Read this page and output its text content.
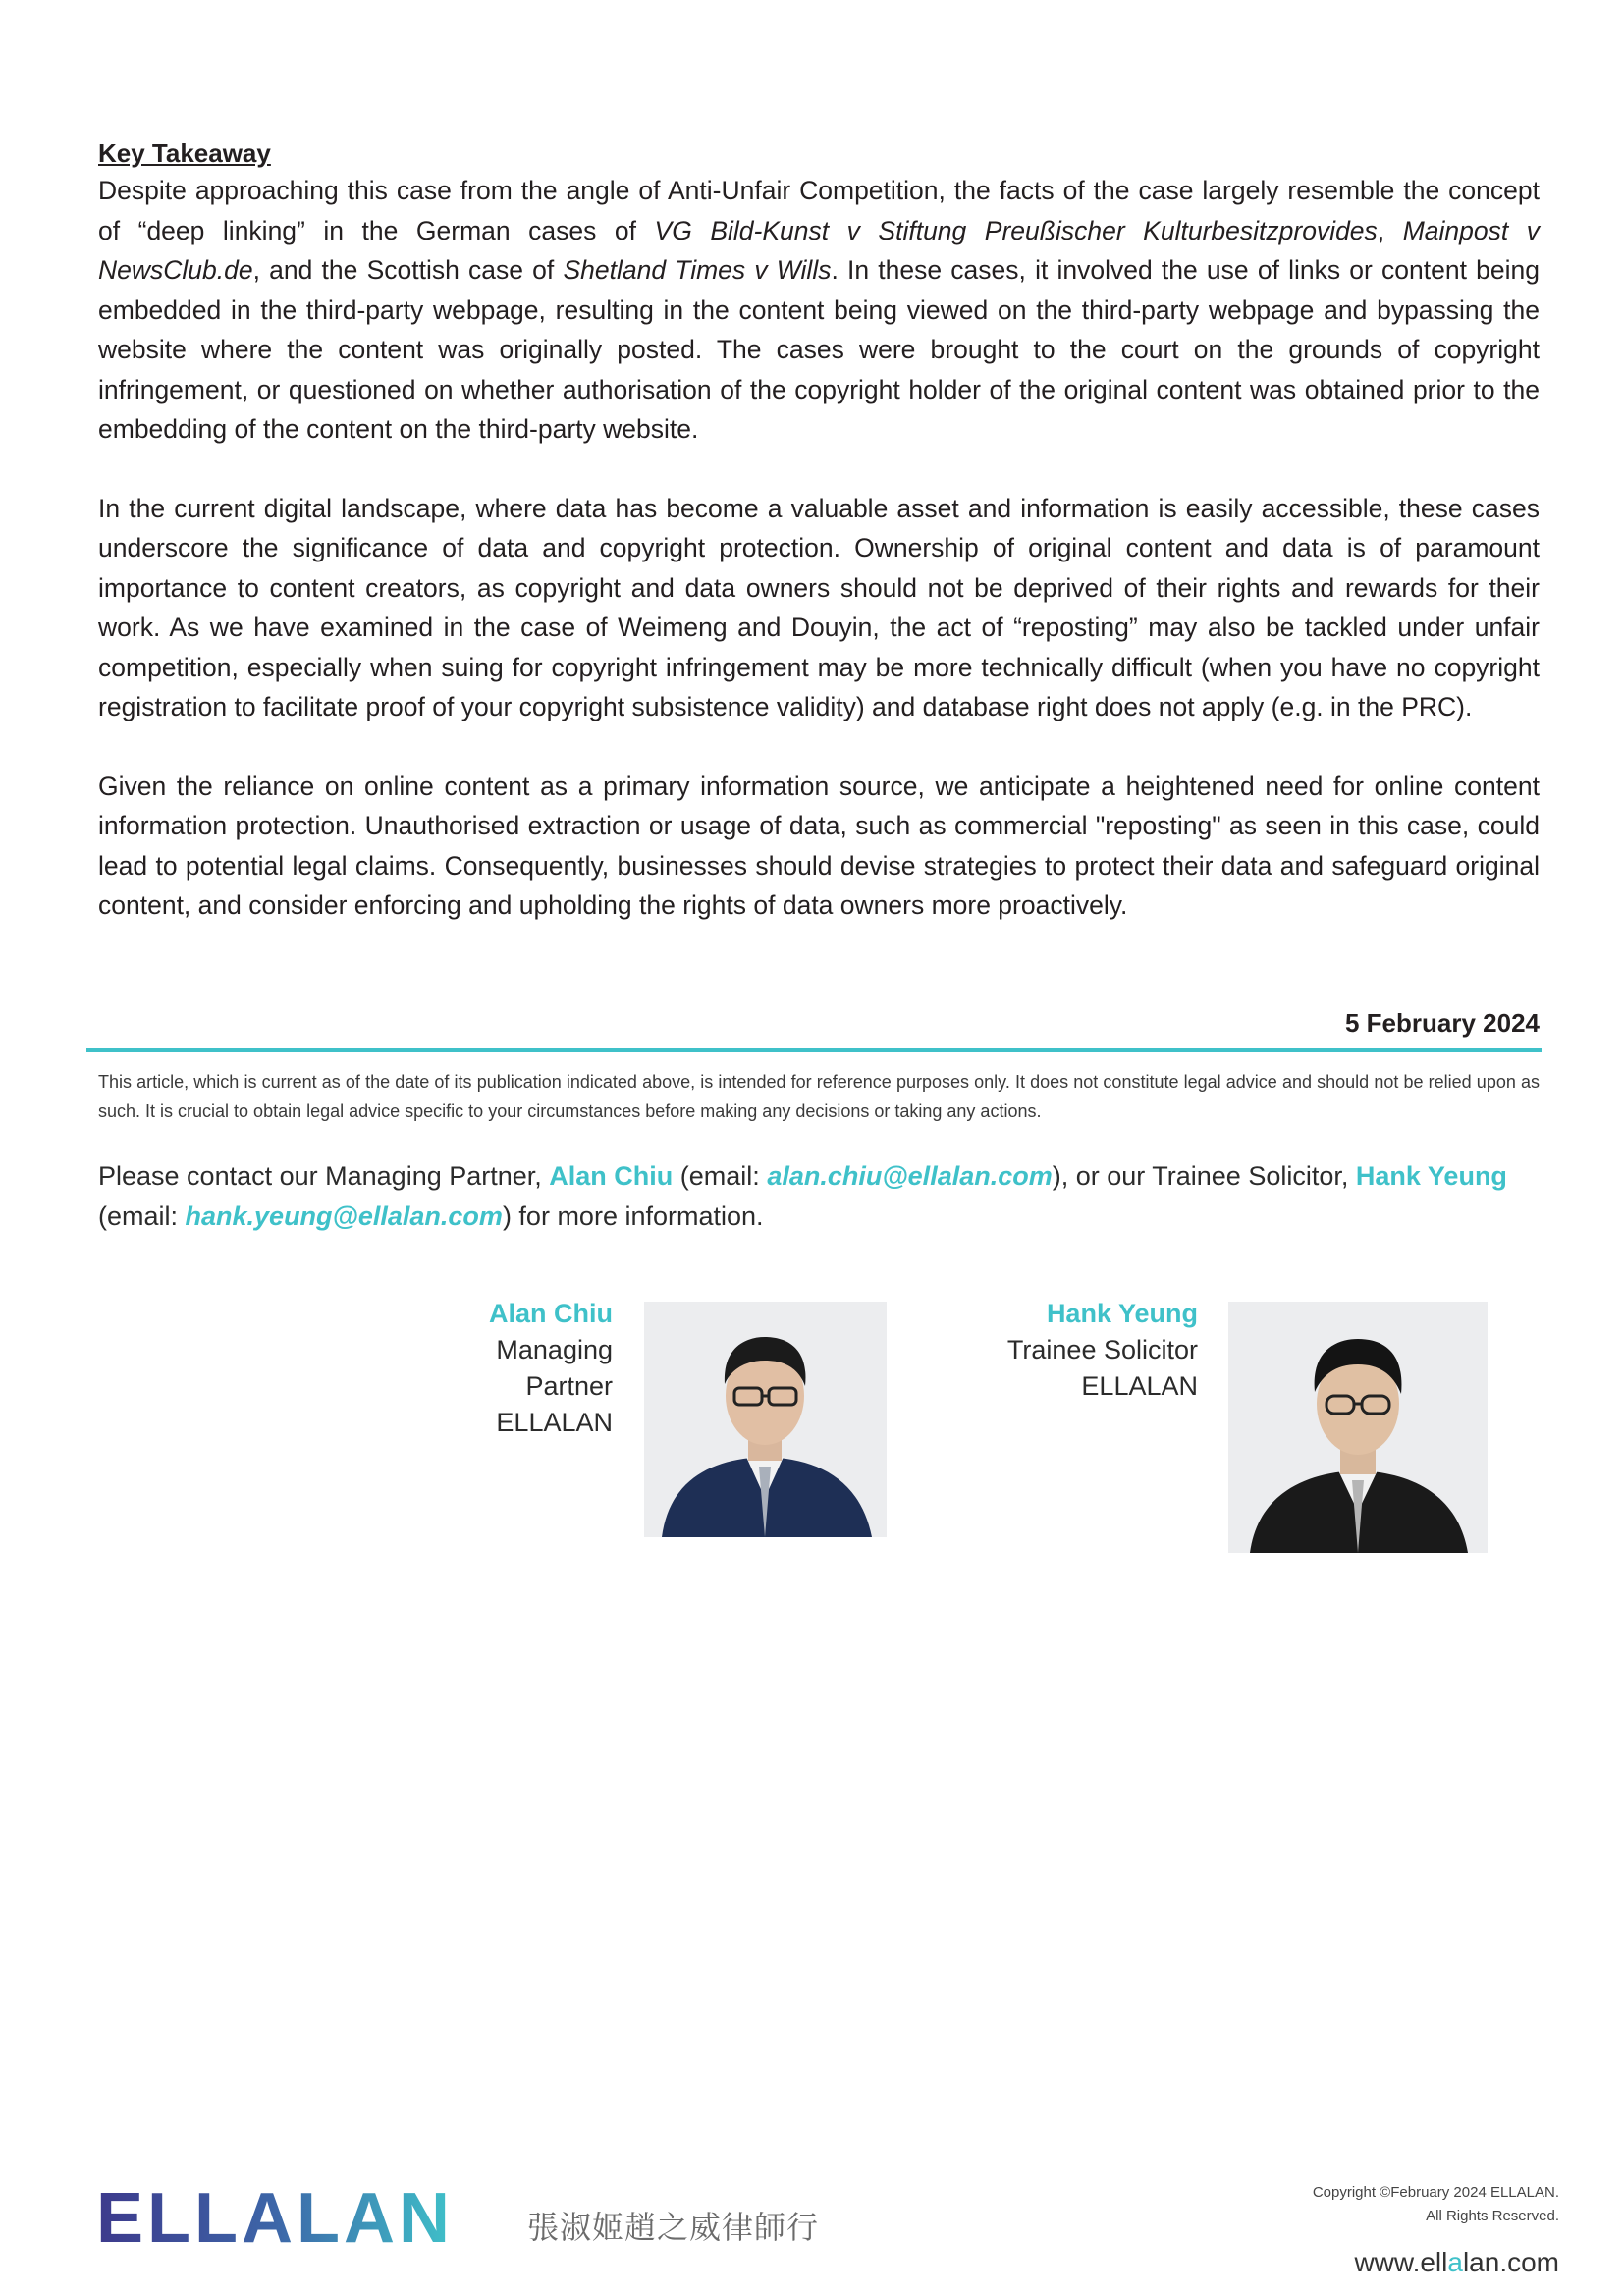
Key Takeaway

Despite approaching this case from the angle of Anti-Unfair Competition, the facts of the case largely resemble the concept of “deep linking” in the German cases of VG Bild-Kunst v Stiftung Preußischer Kulturbesitzprovides, Mainpost v NewsClub.de, and the Scottish case of Shetland Times v Wills. In these cases, it involved the use of links or content being embedded in the third-party webpage, resulting in the content being viewed on the third-party webpage and bypassing the website where the content was originally posted. The cases were brought to the court on the grounds of copyright infringement, or questioned on whether authorisation of the copyright holder of the original content was obtained prior to the embedding of the content on the third-party website.

In the current digital landscape, where data has become a valuable asset and information is easily accessible, these cases underscore the significance of data and copyright protection. Ownership of original content and data is of paramount importance to content creators, as copyright and data owners should not be deprived of their rights and rewards for their work. As we have examined in the case of Weimeng and Douyin, the act of “reposting” may also be tackled under unfair competition, especially when suing for copyright infringement may be more technically difficult (when you have no copyright registration to facilitate proof of your copyright subsistence validity) and database right does not apply (e.g. in the PRC).

Given the reliance on online content as a primary information source, we anticipate a heightened need for online content information protection. Unauthorised extraction or usage of data, such as commercial "reposting" as seen in this case, could lead to potential legal claims. Consequently, businesses should devise strategies to protect their data and safeguard original content, and consider enforcing and upholding the rights of data owners more proactively.

5 February 2024

This article, which is current as of the date of its publication indicated above, is intended for reference purposes only. It does not constitute legal advice and should not be relied upon as such. It is crucial to obtain legal advice specific to your circumstances before making any decisions or taking any actions.

Please contact our Managing Partner, Alan Chiu (email: alan.chiu@ellalan.com), or our Trainee Solicitor, Hank Yeung (email: hank.yeung@ellalan.com) for more information.

Alan Chiu
Managing
Partner
ELLALAN
Hank Yeung
Trainee Solicitor
ELLALAN
ELLALAN 張淑姬趙之威律師行
Copyright ©February 2024 ELLALAN.
All Rights Reserved.
www.ellalan.com
